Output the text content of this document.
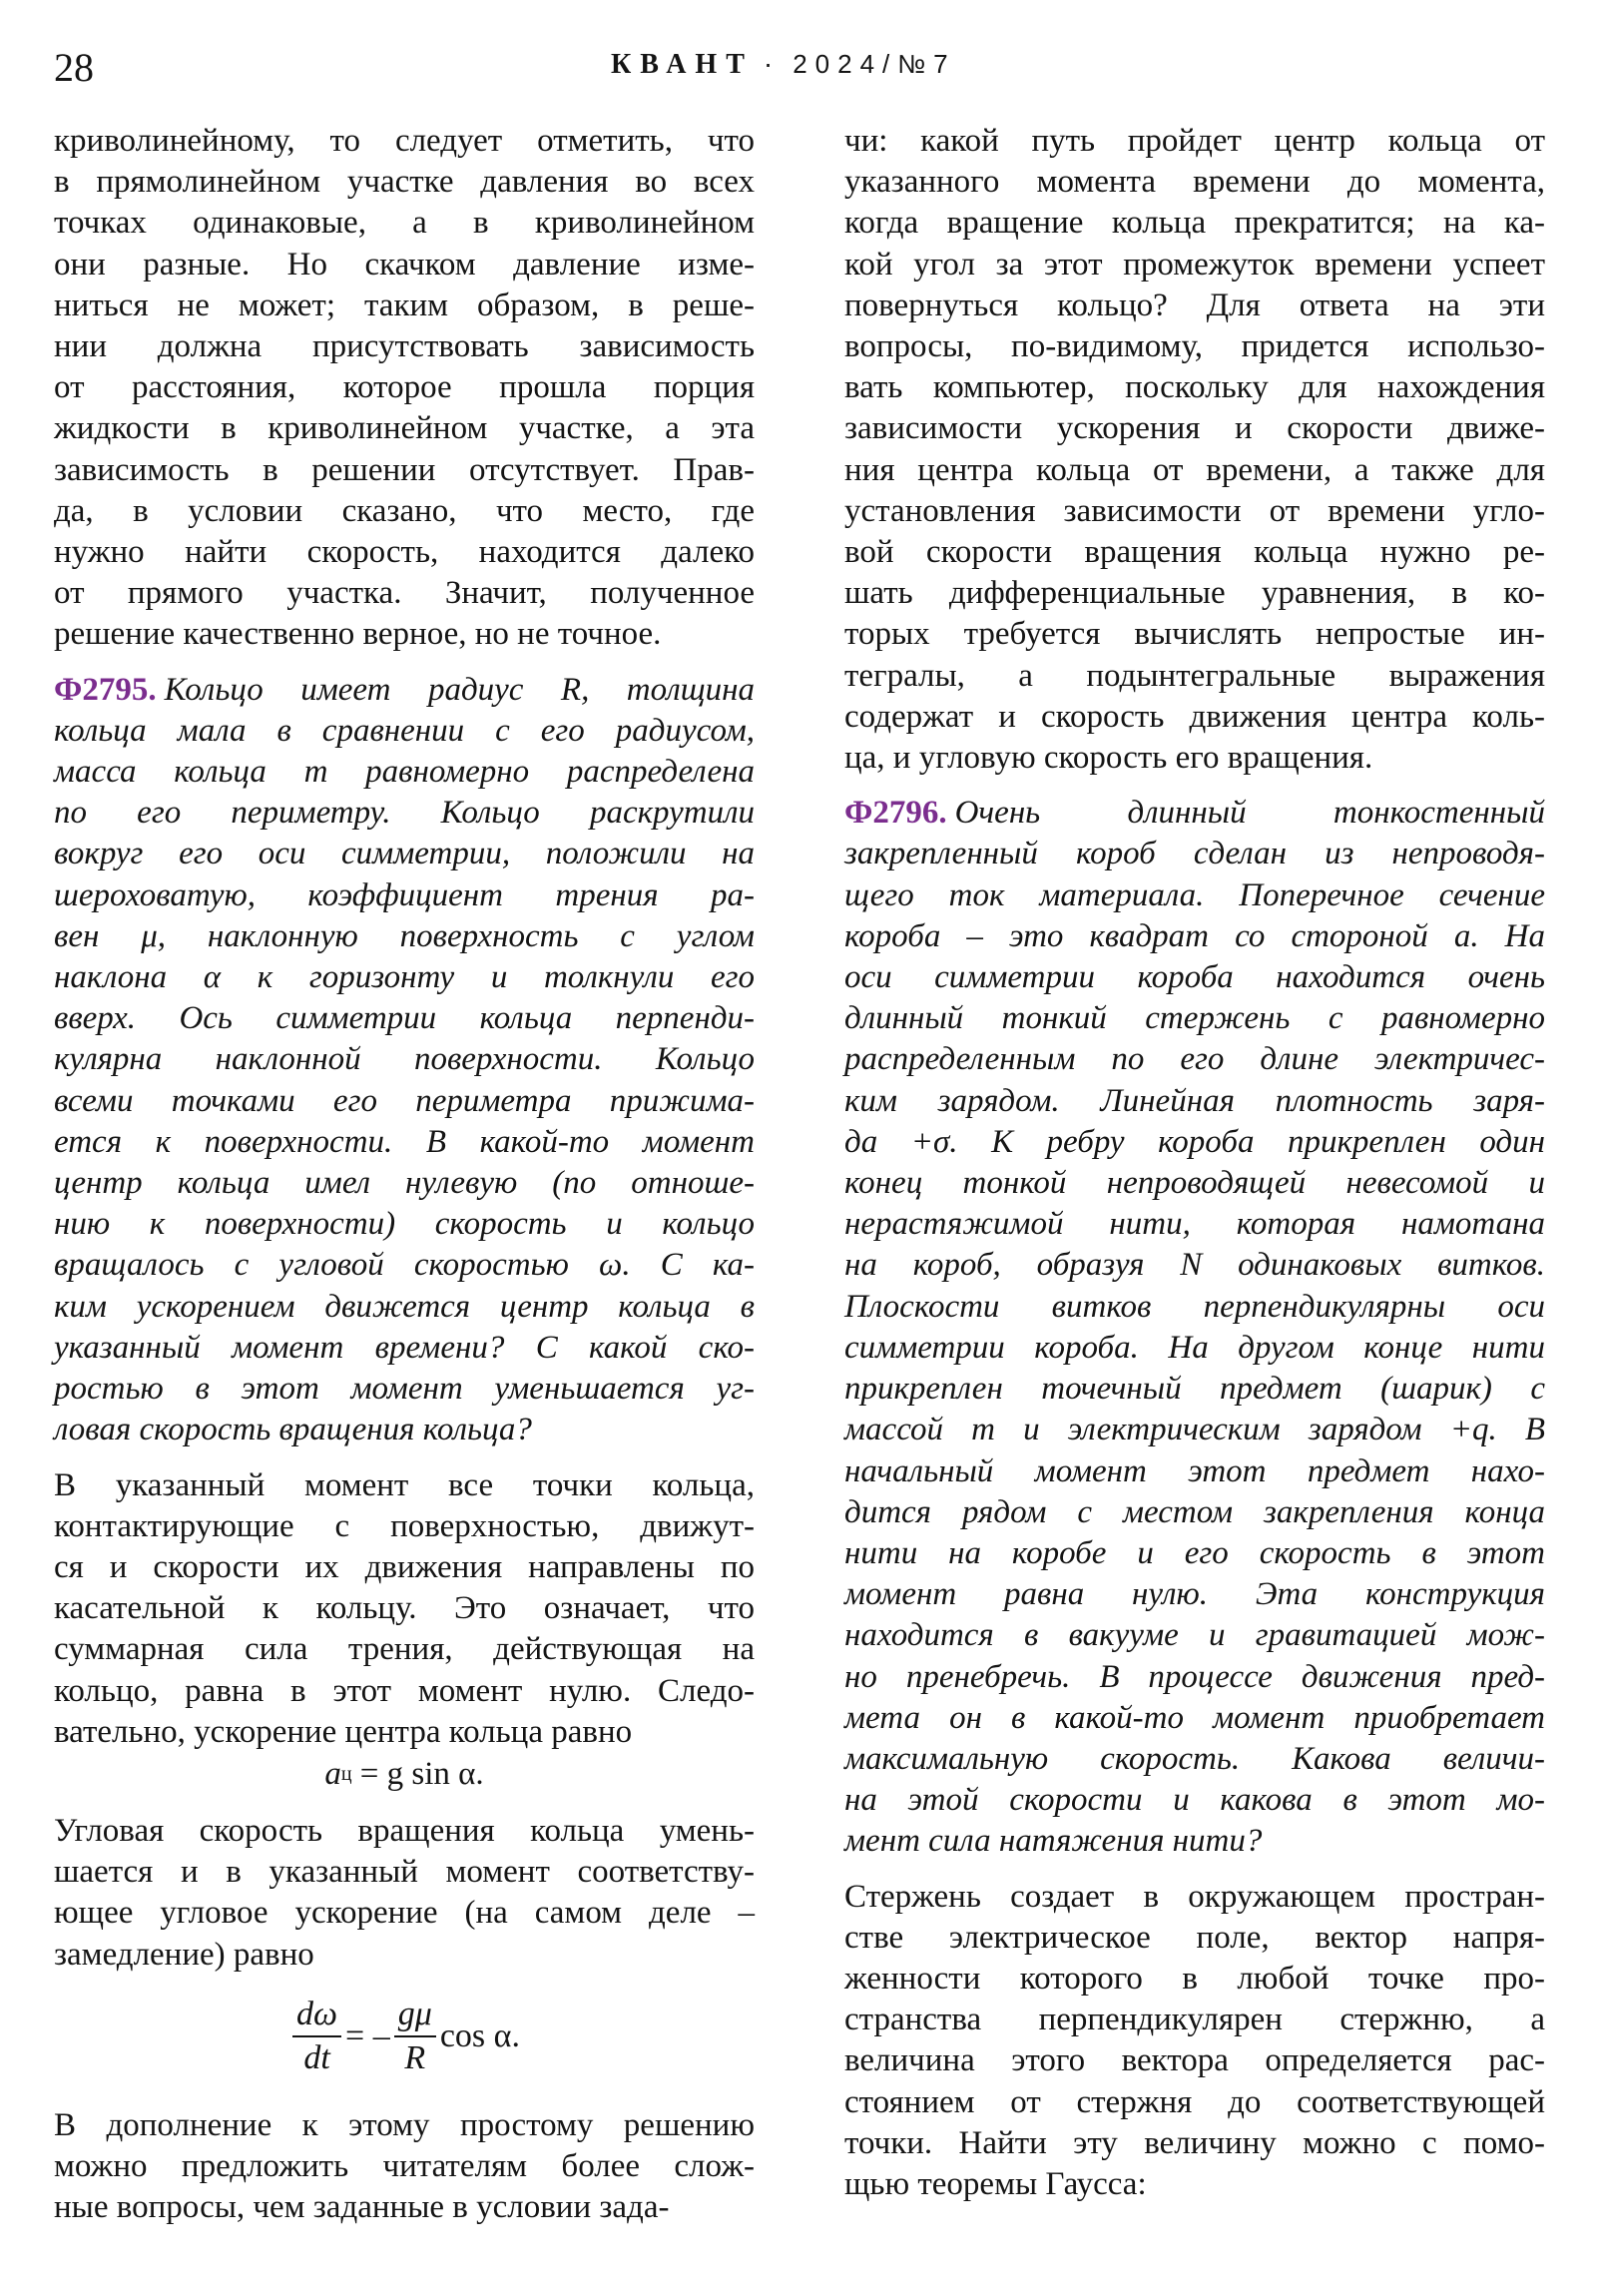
28	КВАНТ · 2024/№7
криволинейному, то следует отметить, что
в прямолинейном участке давления во всех
точках одинаковые, а в криволинейном
они разные. Но скачком давление изме-
ниться не может; таким образом, в реше-
нии должна присутствовать зависимость
от расстояния, которое прошла порция
жидкости в криволинейном участке, а эта
зависимость в решении отсутствует. Прав-
да, в условии сказано, что место, где
нужно найти скорость, находится далеко
от прямого участка. Значит, полученное
решение качественно верное, но не точное.
Ф2795. Кольцо имеет радиус R, толщина
кольца мала в сравнении с его радиусом,
масса кольца m равномерно распределена
по его периметру. Кольцо раскрутили
вокруг его оси симметрии, положили на
шероховатую, коэффициент трения ра-
вен μ, наклонную поверхность с углом
наклона α к горизонту и толкнули его
вверх. Ось симметрии кольца перпенди-
кулярна наклонной поверхности. Кольцо
всеми точками его периметра прижима-
ется к поверхности. В какой-то момент
центр кольца имел нулевую (по отноше-
нию к поверхности) скорость и кольцо
вращалось с угловой скоростью ω. С ка-
ким ускорением движется центр кольца в
указанный момент времени? С какой ско-
ростью в этот момент уменьшается уг-
ловая скорость вращения кольца?
В указанный момент все точки кольца,
контактирующие с поверхностью, движут-
ся и скорости их движения направлены по
касательной к кольцу. Это означает, что
суммарная сила трения, действующая на
кольцо, равна в этот момент нулю. Следо-
вательно, ускорение центра кольца равно
a ц
= g sin α.
Угловая скорость вращения кольца умень-
шается и в указанный момент соответству-
ющее угловое ускорение (на самом деле –
замедление) равно
$\frac{d\omega}{dt}$ = – $\frac{g\mu}{R}$ cos α.
В дополнение к этому простому решению
можно предложить читателям более слож-
ные вопросы, чем заданные в условии зада-
чи: какой путь пройдет центр кольца от
указанного момента времени до момента,
когда вращение кольца прекратится; на ка-
кой угол за этот промежуток времени успеет
повернуться кольцо? Для ответа на эти
вопросы, по-видимому, придется использо-
вать компьютер, поскольку для нахождения
зависимости ускорения и скорости движе-
ния центра кольца от времени, а также для
установления зависимости от времени угло-
вой скорости вращения кольца нужно ре-
шать дифференциальные уравнения, в ко-
торых требуется вычислять непростые ин-
тегралы, а подынтегральные выражения
содержат и скорость движения центра коль-
ца, и угловую скорость его вращения.
Ф2796. Очень длинный тонкостенный
закрепленный короб сделан из непроводя-
щего ток материала. Поперечное сечение
короба – это квадрат со стороной a. На
оси симметрии короба находится очень
длинный тонкий стержень с равномерно
распределенным по его длине электричес-
ким зарядом. Линейная плотность заря-
да +σ. К ребру короба прикреплен один
конец тонкой непроводящей невесомой и
нерастяжимой нити, которая намотана
на короб, образуя N одинаковых витков.
Плоскости витков перпендикулярны оси
симметрии короба. На другом конце нити
прикреплен точечный предмет (шарик) с
массой m и электрическим зарядом +q. В
начальный момент этот предмет нахо-
дится рядом с местом закрепления конца
нити на коробе и его скорость в этот
момент равна нулю. Эта конструкция
находится в вакууме и гравитацией мож-
но пренебречь. В процессе движения пред-
мета он в какой-то момент приобретает
максимальную скорость. Какова величи-
на этой скорости и какова в этот мо-
мент сила натяжения нити?
Стержень создает в окружающем простран-
стве электрическое поле, вектор напря-
женности которого в любой точке про-
странства перпендикулярен стержню, а
величина этого вектора определяется рас-
стоянием от стержня до соответствующей
точки. Найти эту величину можно с помо-
щью теоремы Гаусса:
